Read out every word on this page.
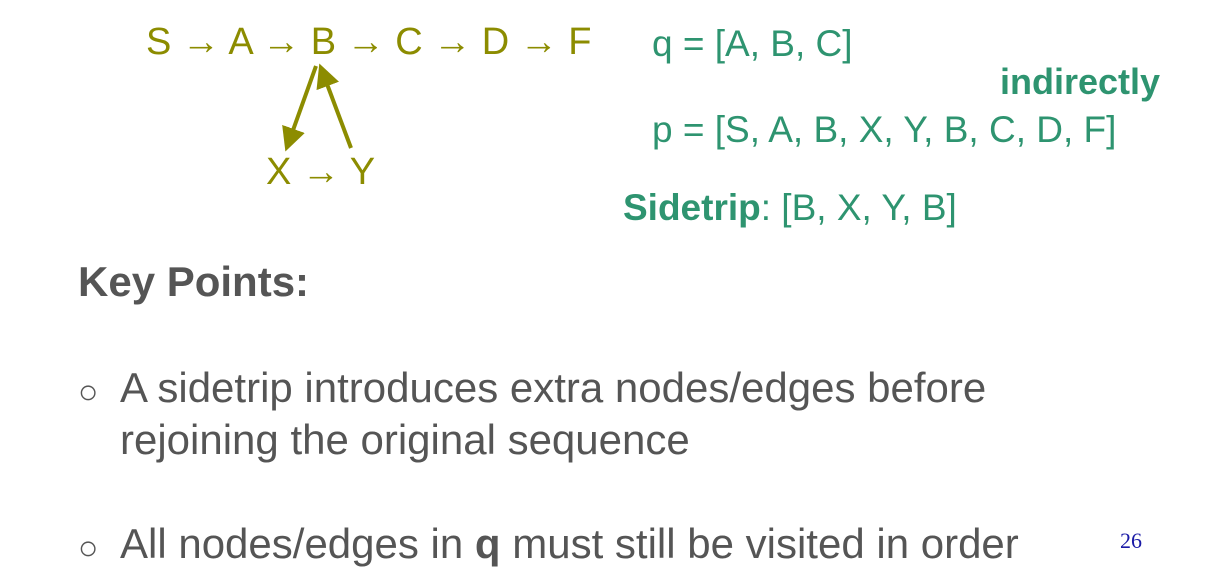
S → A → B → C → D → F
X → Y
q = [A, B, C]
indirectly
p = [S, A, B, X, Y, B, C, D, F]
Sidetrip: [B, X, Y, B]
Key Points:
○ A sidetrip introduces extra nodes/edges before
rejoining the original sequence
○ All nodes/edges in q must still be visited in order	26
